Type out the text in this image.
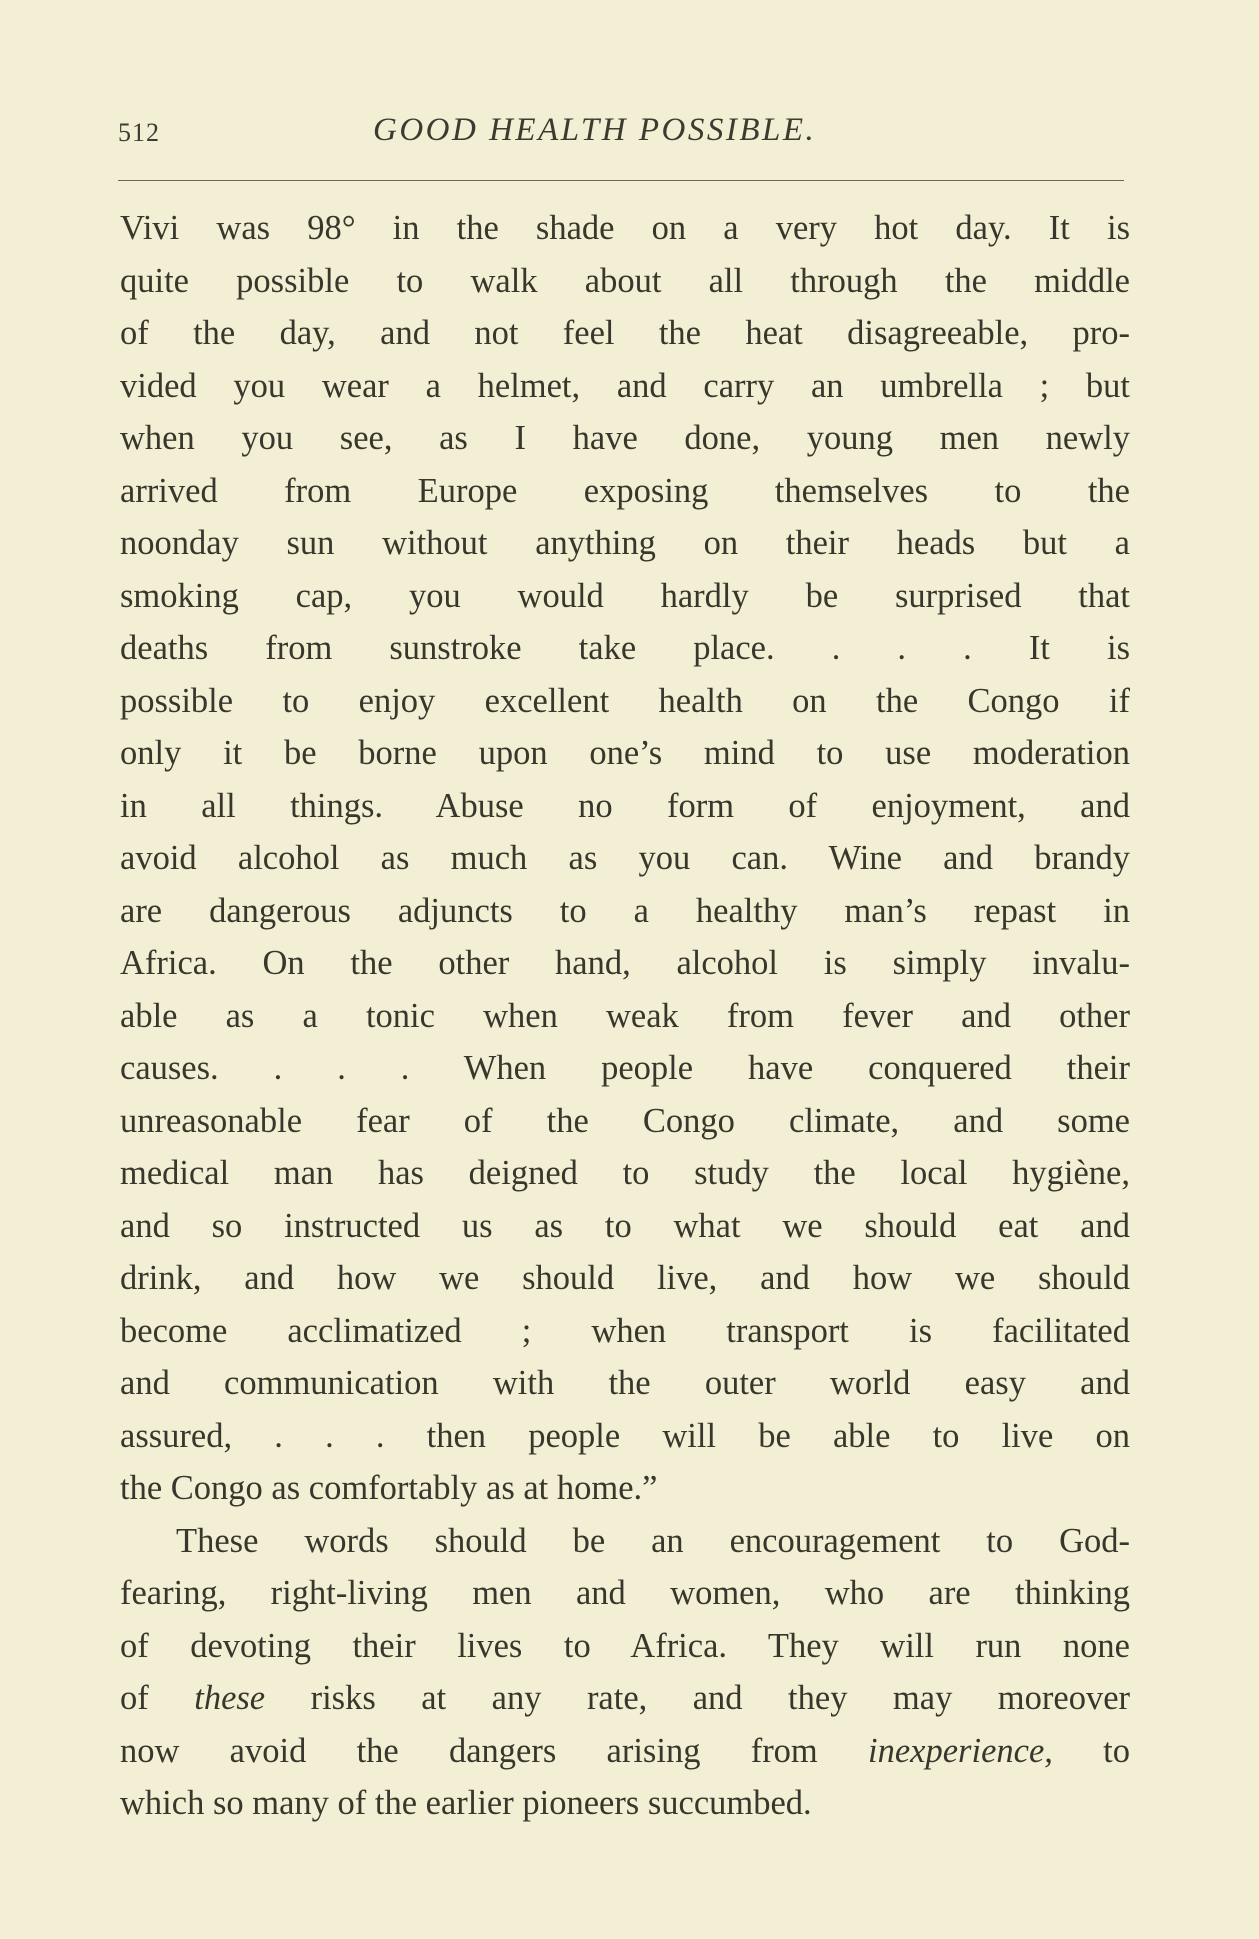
512	GOOD HEALTH POSSIBLE.
Vivi was 98° in the shade on a very hot day. It is
quite possible to walk about all through the middle
of the day, and not feel the heat disagreeable, pro-
vided you wear a helmet, and carry an umbrella ; but
when you see, as I have done, young men newly
arrived from Europe exposing themselves to the
noonday sun without anything on their heads but a
smoking cap, you would hardly be surprised that
deaths from sunstroke take place. . . . It is
possible to enjoy excellent health on the Congo if
only it be borne upon one’s mind to use moderation
in all things. Abuse no form of enjoyment, and
avoid alcohol as much as you can. Wine and brandy
are dangerous adjuncts to a healthy man’s repast in
Africa. On the other hand, alcohol is simply invalu-
able as a tonic when weak from fever and other
causes. . . . When people have conquered their
unreasonable fear of the Congo climate, and some
medical man has deigned to study the local hygiène,
and so instructed us as to what we should eat and
drink, and how we should live, and how we should
become acclimatized ; when transport is facilitated
and communication with the outer world easy and
assured, . . . then people will be able to live on
the Congo as comfortably as at home.”
These words should be an encouragement to God-
fearing, right-living men and women, who are thinking
of devoting their lives to Africa. They will run none
of these risks at any rate, and they may moreover
now avoid the dangers arising from inexperience, to
which so many of the earlier pioneers succumbed.
